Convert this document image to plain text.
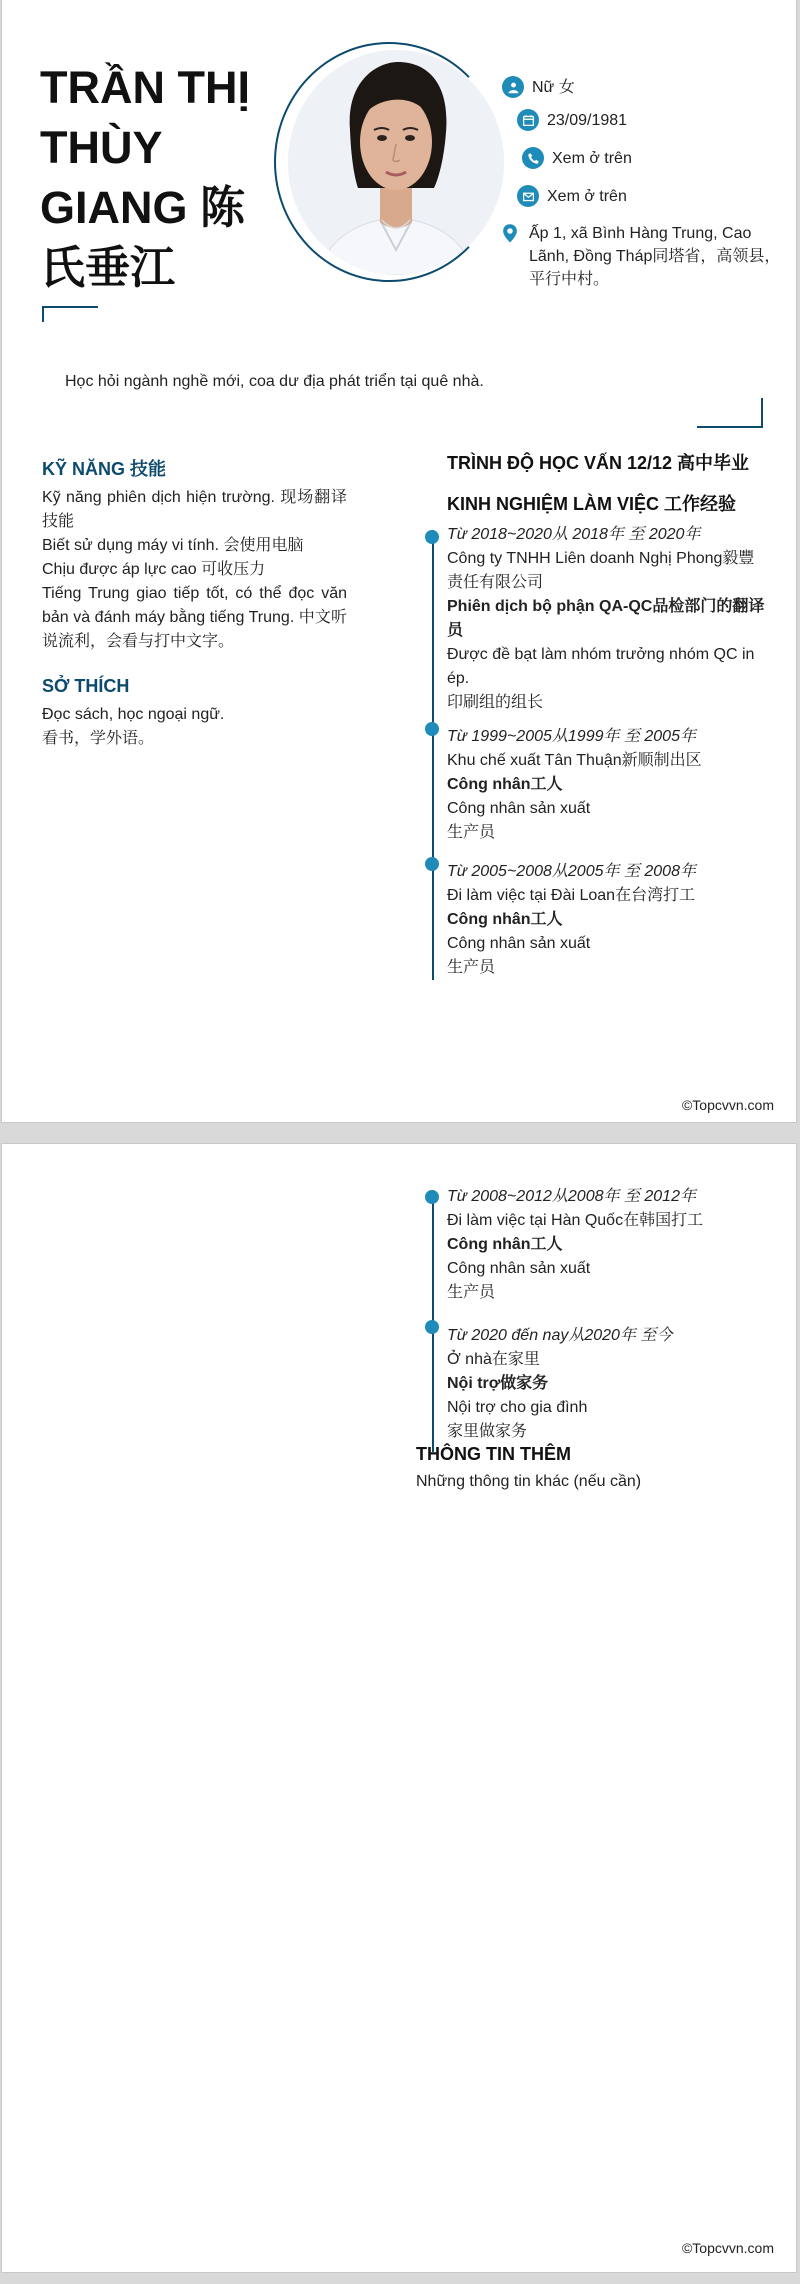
TRẦN THỊ THÙY GIANG 陈氏垂江
Nữ 女
23/09/1981
Xem ở trên
Xem ở trên
Ấp 1, xã Bình Hàng Trung, Cao Lãnh, Đồng Tháp同塔省，高领县，平行中村。

Học hỏi ngành nghề mới, coa dư địa phát triển tại quê nhà.

KỸ NĂNG 技能

Kỹ năng phiên dịch hiện trường. 现场翻译技能
Biết sử dụng máy vi tính. 会使用电脑
Chịu được áp lực cao 可收压力
Tiếng Trung giao tiếp tốt, có thể đọc văn bản và đánh máy bằng tiếng Trung. 中文听说流利，会看与打中文字。

SỞ THÍCH

Đọc sách, học ngoại ngữ.
看书，学外语。

TRÌNH ĐỘ HỌC VẤN 12/12 高中毕业
KINH NGHIỆM LÀM VIỆC 工作经验
Từ 2018~2020从 2018年 至 2020年
Công ty TNHH Liên doanh Nghị Phong毅豐责任有限公司
Phiên dịch bộ phận QA-QC品检部门的翻译员
Được đề bạt làm nhóm trưởng nhóm QC in ép.
印刷组的组长
Từ 1999~2005从1999年 至 2005年
Khu chế xuất Tân Thuận新顺制出区
Công nhân工人
Công nhân sản xuất
生产员
Từ 2005~2008从2005年 至 2008年
Đi làm việc tại Đài Loan在台湾打工
Công nhân工人
Công nhân sản xuất
生产员
©Topcvvn.com
Từ 2008~2012从2008年 至 2012年
Đi làm việc tại Hàn Quốc在韩国打工
Công nhân工人
Công nhân sản xuất
生产员
Từ 2020 đến nay从2020年 至今
Ở nhà在家里
Nội trợ做家务
Nội trợ cho gia đình
家里做家务
THÔNG TIN THÊM

Những thông tin khác (nếu cần)

©Topcvvn.com
